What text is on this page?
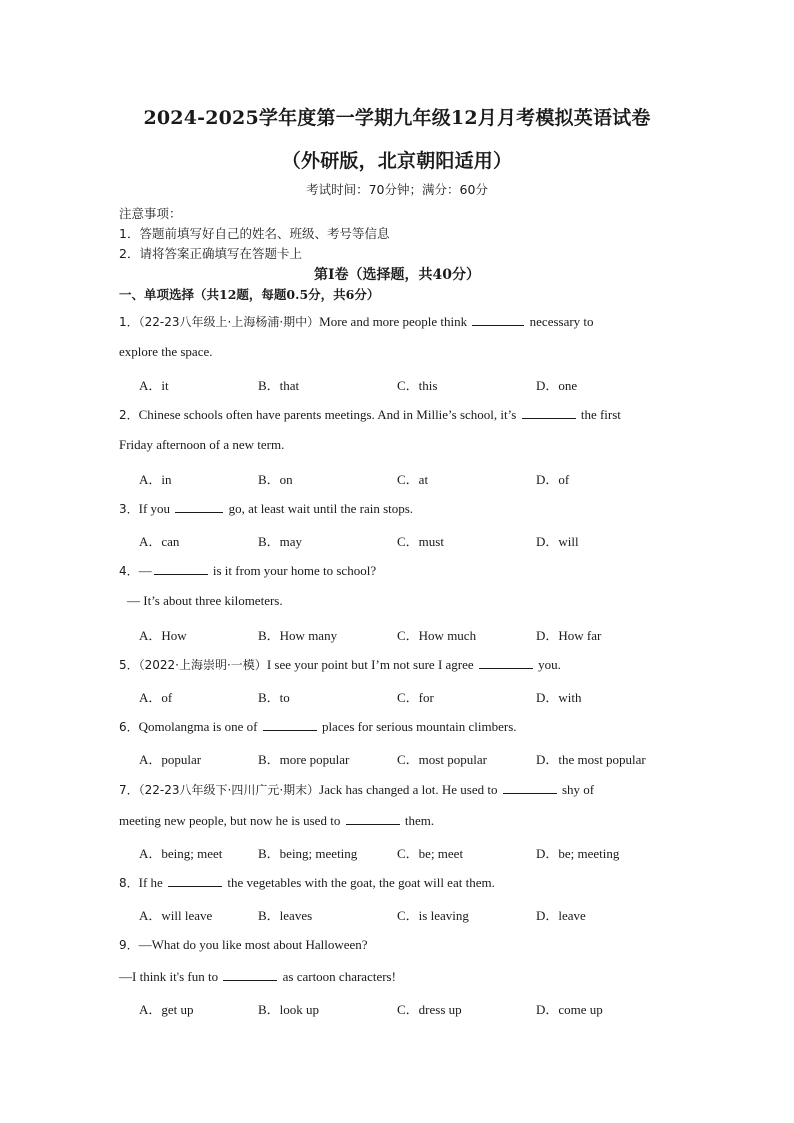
2024-2025学年度第一学期九年级12月月考模拟英语试卷
（外研版，北京朝阳适用）
考试时间：70分钟；满分：60分
注意事项：
1．答题前填写好自己的姓名、班级、考号等信息
2．请将答案正确填写在答题卡上
第I卷（选择题，共40分）
一、单项选择（共12题，每题0.5分，共6分）
1．（22-23八年级上·上海杨浦·期中）More and more people think	necessary to
explore the space.
A．it	B．that	C．this	D．one
2．Chinese schools often have parents meetings. And in Millie’s school, it’s	the first
Friday afternoon of a new term.
A．in	B．on	C．at	D．of
3．If you	go, at least wait until the rain stops.
A．can	B．may	C．must	D．will
4．—	is it from your home to school?
— It’s about three kilometers.
A．How	B．How many	C．How much	D．How far
5．（2022·上海崇明·一模）I see your point but I’m not sure I agree	you.
A．of	B．to	C．for	D．with
6．Qomolangma is one of	places for serious mountain climbers.
A．popular	B．more popular	C．most popular	D．the most popular
7．（22-23八年级下·四川广元·期末）Jack has changed a lot. He used to	shy of
meeting new people, but now he is used to	them.
A．being; meet	B．being; meeting	C．be; meet	D．be; meeting
8．If he	the vegetables with the goat, the goat will eat them.
A．will leave	B．leaves	C．is leaving	D．leave
9．—What do you like most about Halloween?
—I think it's fun to	as cartoon characters!
A．get up	B．look up	C．dress up	D．come up
